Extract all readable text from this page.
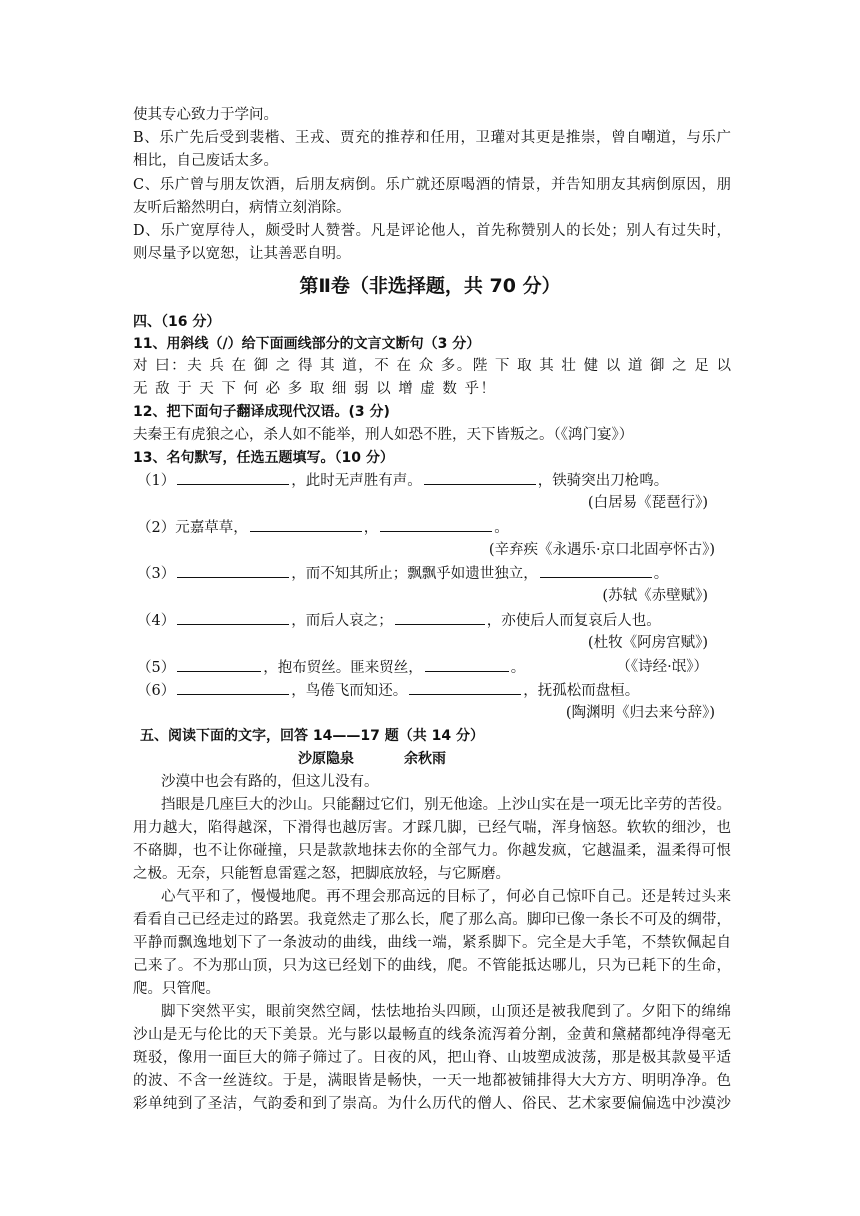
使其专心致力于学问。
B、乐广先后受到裴楷、王戎、贾充的推荐和任用，卫瓘对其更是推崇，曾自嘲道，与乐广
相比，自己废话太多。
C、乐广曾与朋友饮酒，后朋友病倒。乐广就还原喝酒的情景，并告知朋友其病倒原因，朋
友听后豁然明白，病情立刻消除。
D、乐广宽厚待人，颇受时人赞誉。凡是评论他人，首先称赞别人的长处；别人有过失时，
则尽量予以宽恕，让其善恶自明。
第Ⅱ卷（非选择题，共 70 分）
四、（16 分）
11、用斜线（/）给下面画线部分的文言文断句（3 分）
对 曰：夫 兵 在 御 之 得 其 道，不 在 众 多。陛 下 取 其 壮 健 以 道 御 之 足 以
无 敌 于 天 下 何 必 多 取 细 弱 以 增 虚 数 乎！
12、把下面句子翻译成现代汉语。(3 分)
夫秦王有虎狼之心，杀人如不能举，刑人如恐不胜，天下皆叛之。（《鸿门宴》）
13、名句默写，任选五题填写。（10 分）
（1）	，此时无声胜有声。	，铁骑突出刀枪鸣。
(白居易《琵琶行》)
（2）元嘉草草，	，	。
(辛弃疾《永遇乐·京口北固亭怀古》)
（3）	，而不知其所止；飘飘乎如遗世独立，	。
(苏轼《赤壁赋》)
（4）	，而后人哀之；	，亦使后人而复哀后人也。
(杜牧《阿房宫赋》)
（5）	，抱布贸丝。匪来贸丝，	。	（《诗经·氓》）
（6）	，鸟倦飞而知还。	，抚孤松而盘桓。
(陶渊明《归去来兮辞》)
五、阅读下面的文字，回答 14——17 题（共 14 分）
沙原隐泉	余秋雨
沙漠中也会有路的，但这儿没有。
挡眼是几座巨大的沙山。只能翻过它们，别无他途。上沙山实在是一项无比辛劳的苦役。
用力越大，陷得越深，下滑得也越厉害。才踩几脚，已经气喘，浑身恼怒。软软的细沙，也
不硌脚，也不让你碰撞，只是款款地抹去你的全部气力。你越发疯，它越温柔，温柔得可恨
之极。无奈，只能暂息雷霆之怒，把脚底放轻，与它厮磨。
心气平和了，慢慢地爬。再不理会那高远的目标了，何必自己惊吓自己。还是转过头来
看看自己已经走过的路罢。我竟然走了那么长，爬了那么高。脚印已像一条长不可及的绸带，
平静而飘逸地划下了一条波动的曲线，曲线一端，紧系脚下。完全是大手笔，不禁钦佩起自
己来了。不为那山顶，只为这已经划下的曲线，爬。不管能抵达哪儿，只为已耗下的生命，
爬。只管爬。
脚下突然平实，眼前突然空阔，怯怯地抬头四顾，山顶还是被我爬到了。夕阳下的绵绵
沙山是无与伦比的天下美景。光与影以最畅直的线条流泻着分割，金黄和黛赭都纯净得毫无
斑驳，像用一面巨大的筛子筛过了。日夜的风，把山脊、山坡塑成波荡，那是极其款曼平适
的波、不含一丝涟纹。于是，满眼皆是畅快，一天一地都被铺排得大大方方、明明净净。色
彩单纯到了圣洁，气韵委和到了崇高。为什么历代的僧人、俗民、艺术家要偏偏选中沙漠沙
